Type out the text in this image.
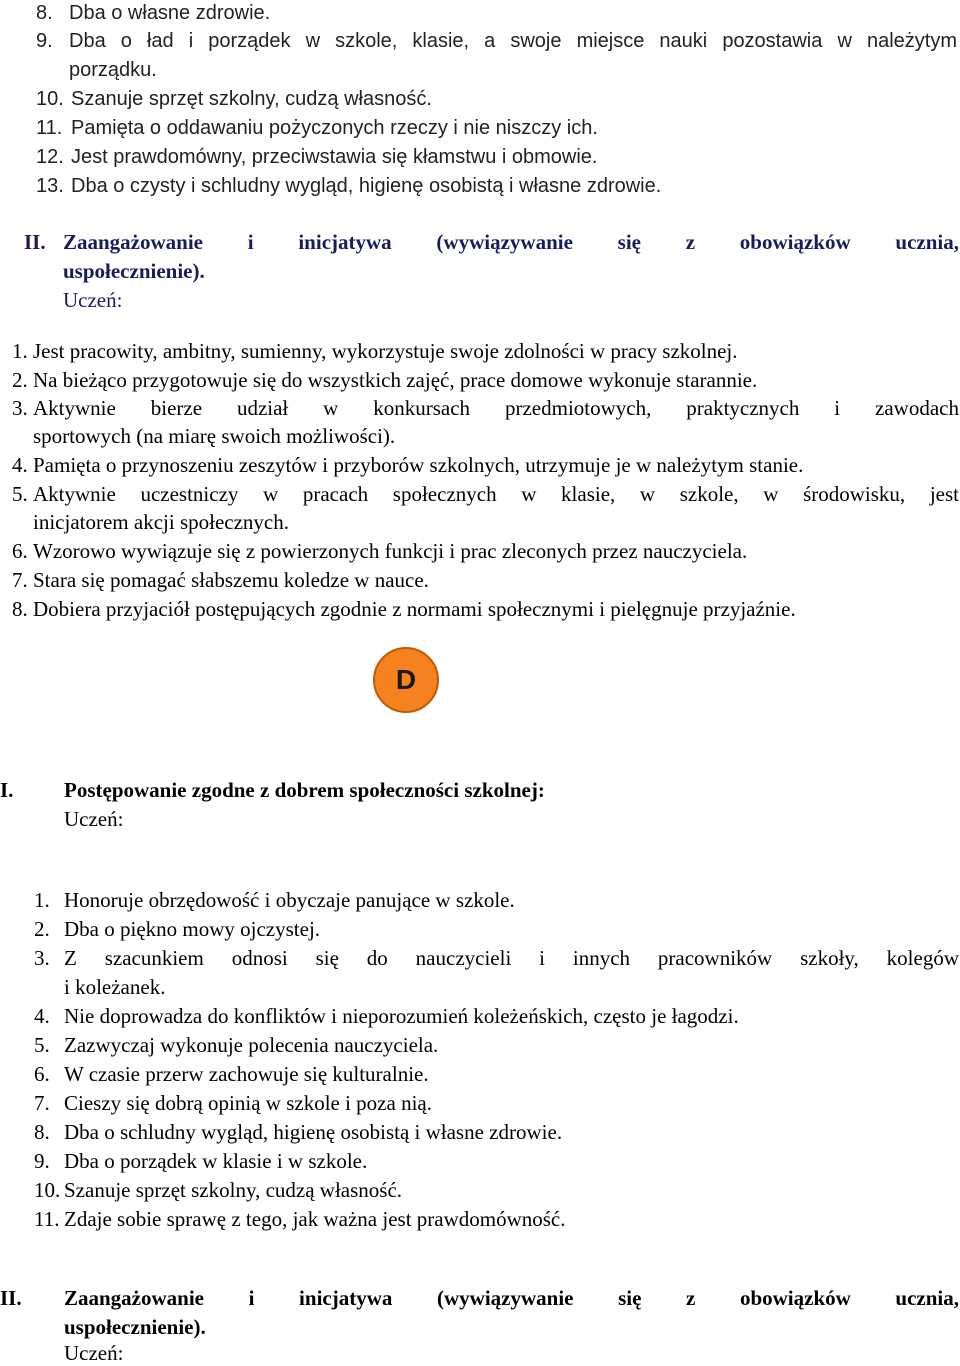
8. Dba o własne zdrowie.
9. Dba o ład i porządek w szkole, klasie, a swoje miejsce nauki pozostawia w należytym
porządku.
10. Szanuje sprzęt szkolny, cudzą własność.
11. Pamięta o oddawaniu pożyczonych rzeczy i nie niszczy ich.
12. Jest prawdomówny, przeciwstawia się kłamstwu i obmowie.
13. Dba o czysty i schludny wygląd, higienę osobistą i własne zdrowie.
II. Zaangażowanie i inicjatywa (wywiązywanie się z obowiązków ucznia,
uspołecznienie).
Uczeń:
1. Jest pracowity, ambitny, sumienny, wykorzystuje swoje zdolności w pracy szkolnej.
2. Na bieżąco przygotowuje się do wszystkich zajęć, prace domowe wykonuje starannie.
3. Aktywnie bierze udział w konkursach przedmiotowych, praktycznych i zawodach
sportowych (na miarę swoich możliwości).
4. Pamięta o przynoszeniu zeszytów i przyborów szkolnych, utrzymuje je w należytym stanie.
5. Aktywnie uczestniczy w pracach społecznych w klasie, w szkole, w środowisku, jest
inicjatorem akcji społecznych.
6. Wzorowo wywiązuje się z powierzonych funkcji i prac zleconych przez nauczyciela.
7. Stara się pomagać słabszemu koledze w nauce.
8. Dobiera przyjaciół postępujących zgodnie z normami społecznymi i pielęgnuje przyjaźnie.
D
I. Postępowanie zgodne z dobrem społeczności szkolnej:
Uczeń:
1. Honoruje obrzędowość i obyczaje panujące w szkole.
2. Dba o piękno mowy ojczystej.
3. Z szacunkiem odnosi się do nauczycieli i innych pracowników szkoły, kolegów
i koleżanek.
4. Nie doprowadza do konfliktów i nieporozumień koleżeńskich, często je łagodzi.
5. Zazwyczaj wykonuje polecenia nauczyciela.
6. W czasie przerw zachowuje się kulturalnie.
7. Cieszy się dobrą opinią w szkole i poza nią.
8. Dba o schludny wygląd, higienę osobistą i własne zdrowie.
9. Dba o porządek w klasie i w szkole.
10. Szanuje sprzęt szkolny, cudzą własność.
11. Zdaje sobie sprawę z tego, jak ważna jest prawdomówność.
II. Zaangażowanie i inicjatywa (wywiązywanie się z obowiązków ucznia,
uspołecznienie).
Uczeń:
